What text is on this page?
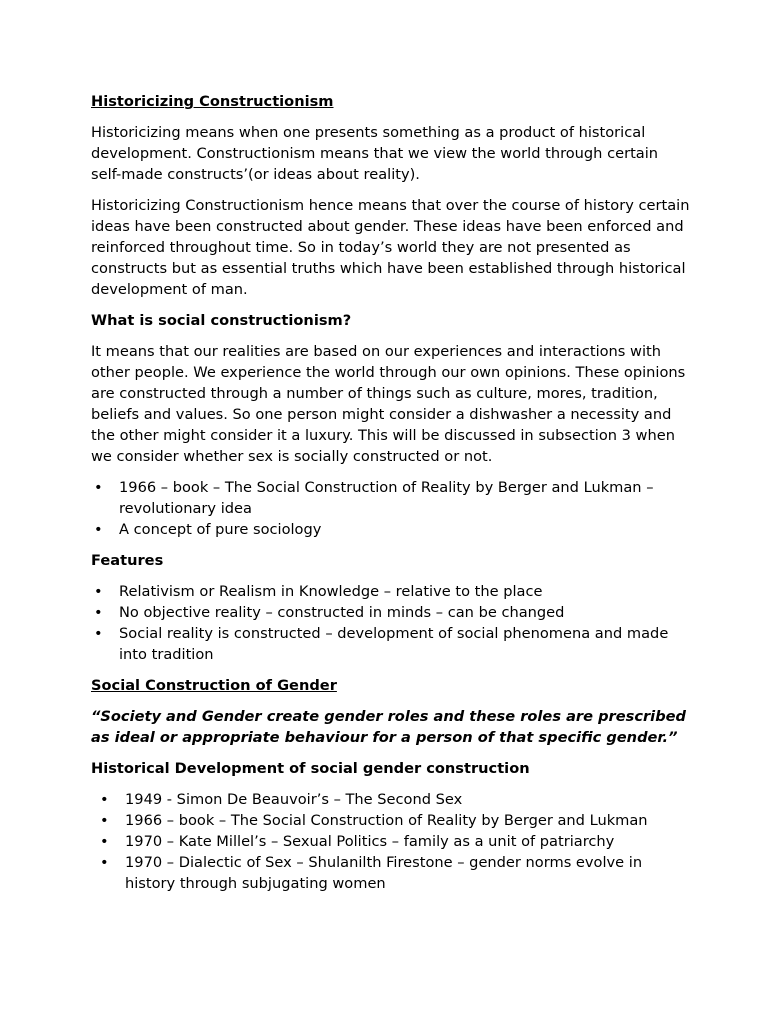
Historicizing Constructionism

Historicizing means when one presents something as a product of historical development. Constructionism means that we view the world through certain self-made constructs’(or ideas about reality).

Historicizing Constructionism hence means that over the course of history certain ideas have been constructed about gender. These ideas have been enforced and reinforced throughout time. So in today’s world they are not presented as constructs but as essential truths which have been established through historical development of man.

What is social constructionism?

It means that our realities are based on our experiences and interactions with other people. We experience the world through our own opinions. These opinions are constructed through a number of things such as culture, mores, tradition, beliefs and values. So one person might consider a dishwasher a necessity and the other might consider it a luxury. This will be discussed in subsection 3 when we consider whether sex is socially constructed or not.

• 1966 – book – The Social Construction of Reality by Berger and Lukman – revolutionary idea
• A concept of pure sociology

Features

• Relativism or Realism in Knowledge – relative to the place
• No objective reality – constructed in minds – can be changed
• Social reality is constructed – development of social phenomena and made into tradition

Social Construction of Gender

“Society and Gender create gender roles and these roles are prescribed as ideal or appropriate behaviour for a person of that specific gender.”

Historical Development of social gender construction

• 1949 - Simon De Beauvoir’s – The Second Sex
• 1966 – book – The Social Construction of Reality by Berger and Lukman
• 1970 – Kate Millel’s – Sexual Politics – family as a unit of patriarchy
• 1970 – Dialectic of Sex – Shulanilth Firestone – gender norms evolve in history through subjugating women
